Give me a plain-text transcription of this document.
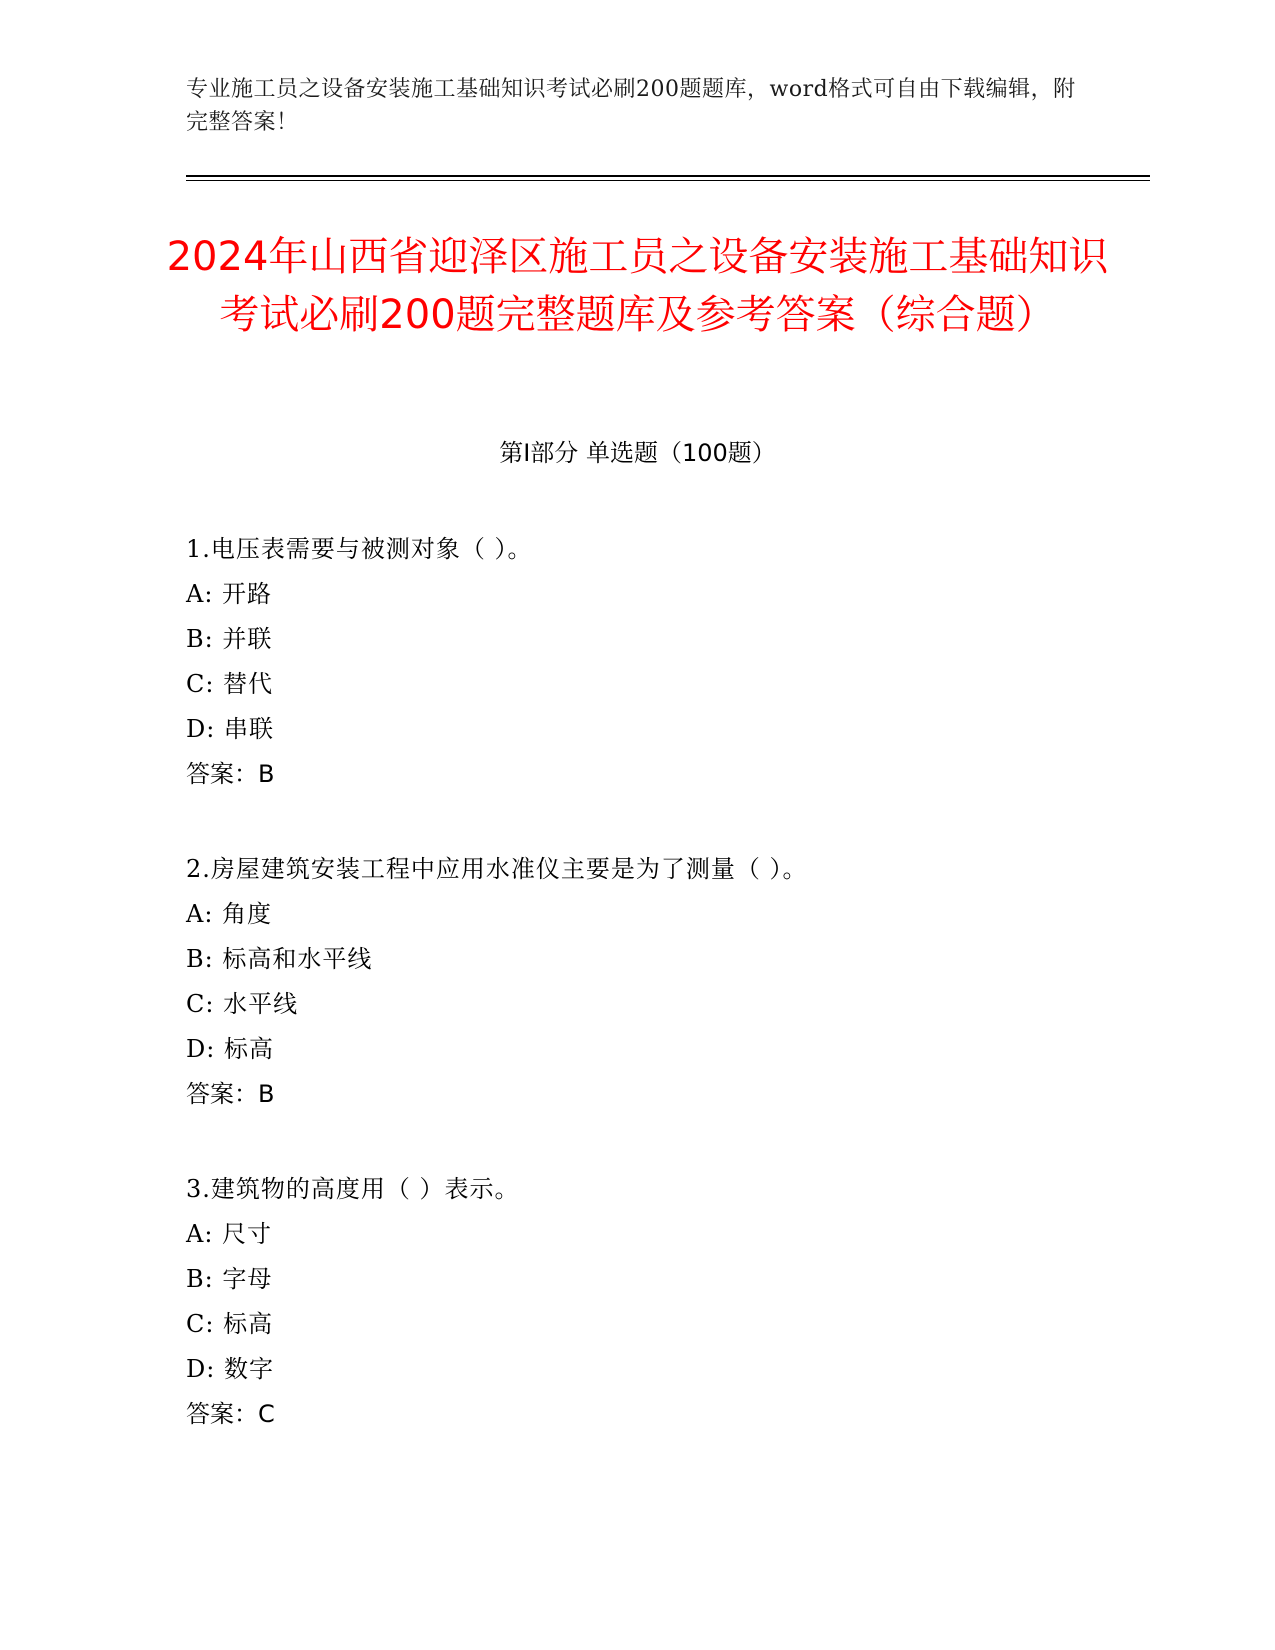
专业施工员之设备安装施工基础知识考试必刷200题题库，word格式可自由下载编辑，附完整答案！
2024年山西省迎泽区施工员之设备安装施工基础知识考试必刷200题完整题库及参考答案（综合题）
第Ⅰ部分 单选题（100题）
1.电压表需要与被测对象（ ）。
A: 开路
B: 并联
C: 替代
D: 串联
答案：B
2.房屋建筑安装工程中应用水准仪主要是为了测量（ ）。
A: 角度
B: 标高和水平线
C: 水平线
D: 标高
答案：B
3.建筑物的高度用（ ）表示。
A: 尺寸
B: 字母
C: 标高
D: 数字
答案：C
